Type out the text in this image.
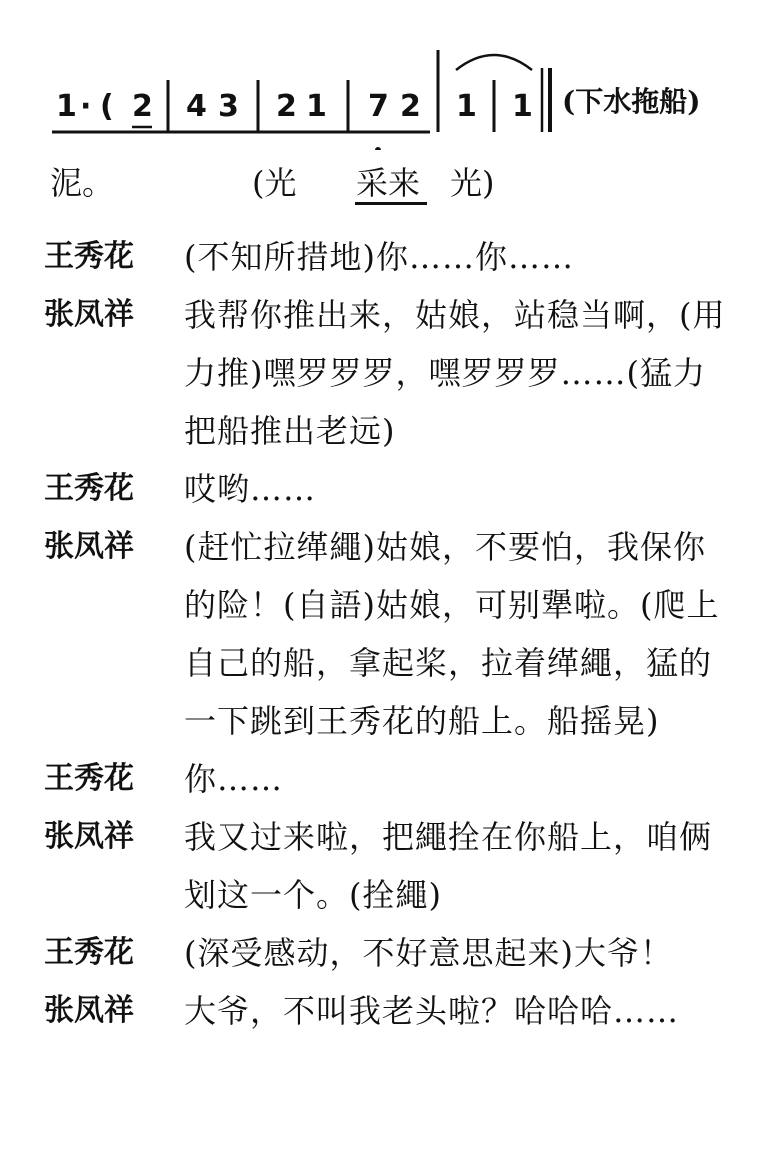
1 · ( 2 4 3 2 1 7 2 1 1 (下水拖船)
泥。	(光 采来 光)
王秀花	(不知所措地)你……你……
张凤祥	我帮你推出来，姑娘，站稳当啊，(用力推)嘿罗罗罗，嘿罗罗罗……(猛力把船推出老远)
王秀花	哎哟……
张凤祥	(赶忙拉缂繩)姑娘，不要怕，我保你的险！(自語)姑娘，可别犟啦。(爬上自己的船，拿起桨，拉着缂繩，猛的一下跳到王秀花的船上。船摇晃)
王秀花	你……
张凤祥	我又过来啦，把繩拴在你船上，咱俩划这一个。(拴繩)
王秀花	(深受感动，不好意思起来)大爷！
张凤祥	大爷，不叫我老头啦？哈哈哈……
